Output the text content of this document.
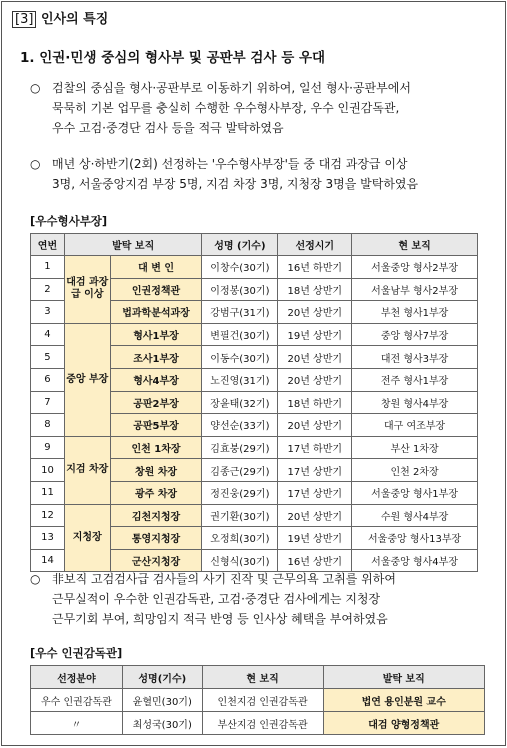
[3] 인사의 특징
1. 인권·민생 중심의 형사부 및 공판부 검사 등 우대
○ 검찰의 중심을 형사·공판부로 이동하기 위하여, 일선 형사·공판부에서
묵묵히 기본 업무를 충실히 수행한 우수형사부장, 우수 인권감독관,
우수 고검·중경단 검사 등을 적극 발탁하였음
○ 매년 상·하반기(2회) 선정하는 '우수형사부장'들 중 대검 과장급 이상
3명, 서울중앙지검 부장 5명, 지검 차장 3명, 지청장 3명을 발탁하였음
[우수형사부장]
연번	발탁 보직		성명 (기수)	선정시기	현 보직
1	대검 과장급 이상	대 변 인	이창수(30기)	16년 하반기	서울중앙 형사2부장
2		인권정책관	이정봉(30기)	18년 상반기	서울남부 형사2부장
3		법과학분석과장	강범구(31기)	20년 상반기	부천 형사1부장
4	중앙 부장	형사1부장	변필건(30기)	19년 상반기	중앙 형사7부장
5		조사1부장	이동수(30기)	20년 상반기	대전 형사3부장
6		형사4부장	노진영(31기)	20년 상반기	전주 형사1부장
7		공판2부장	장윤태(32기)	18년 하반기	창원 형사4부장
8		공판5부장	양선순(33기)	20년 상반기	대구 여조부장
9	지검 차장	인천 1차장	김효붕(29기)	17년 하반기	부산 1차장
10		창원 차장	김종근(29기)	17년 상반기	인천 2차장
11		광주 차장	정진웅(29기)	17년 상반기	서울중앙 형사1부장
12	지청장	김천지청장	권기환(30기)	20년 상반기	수원 형사4부장
13		통영지청장	오정희(30기)	19년 상반기	서울중앙 형사13부장
14		군산지청장	신형식(30기)	16년 상반기	서울중앙 형사4부장
○ 非보직 고검검사급 검사들의 사기 진작 및 근무의욕 고취를 위하여
근무실적이 우수한 인권감독관, 고검·중경단 검사에게는 지청장
근무기회 부여, 희망임지 적극 반영 등 인사상 혜택을 부여하였음
[우수 인권감독관]
선정분야	성명(기수)	현 보직	발탁 보직
우수 인권감독관	윤혈민(30기)	인천지검 인권감독관	법연 용인분원 교수
〃	최성국(30기)	부산지검 인권감독관	대검 양형정책관
